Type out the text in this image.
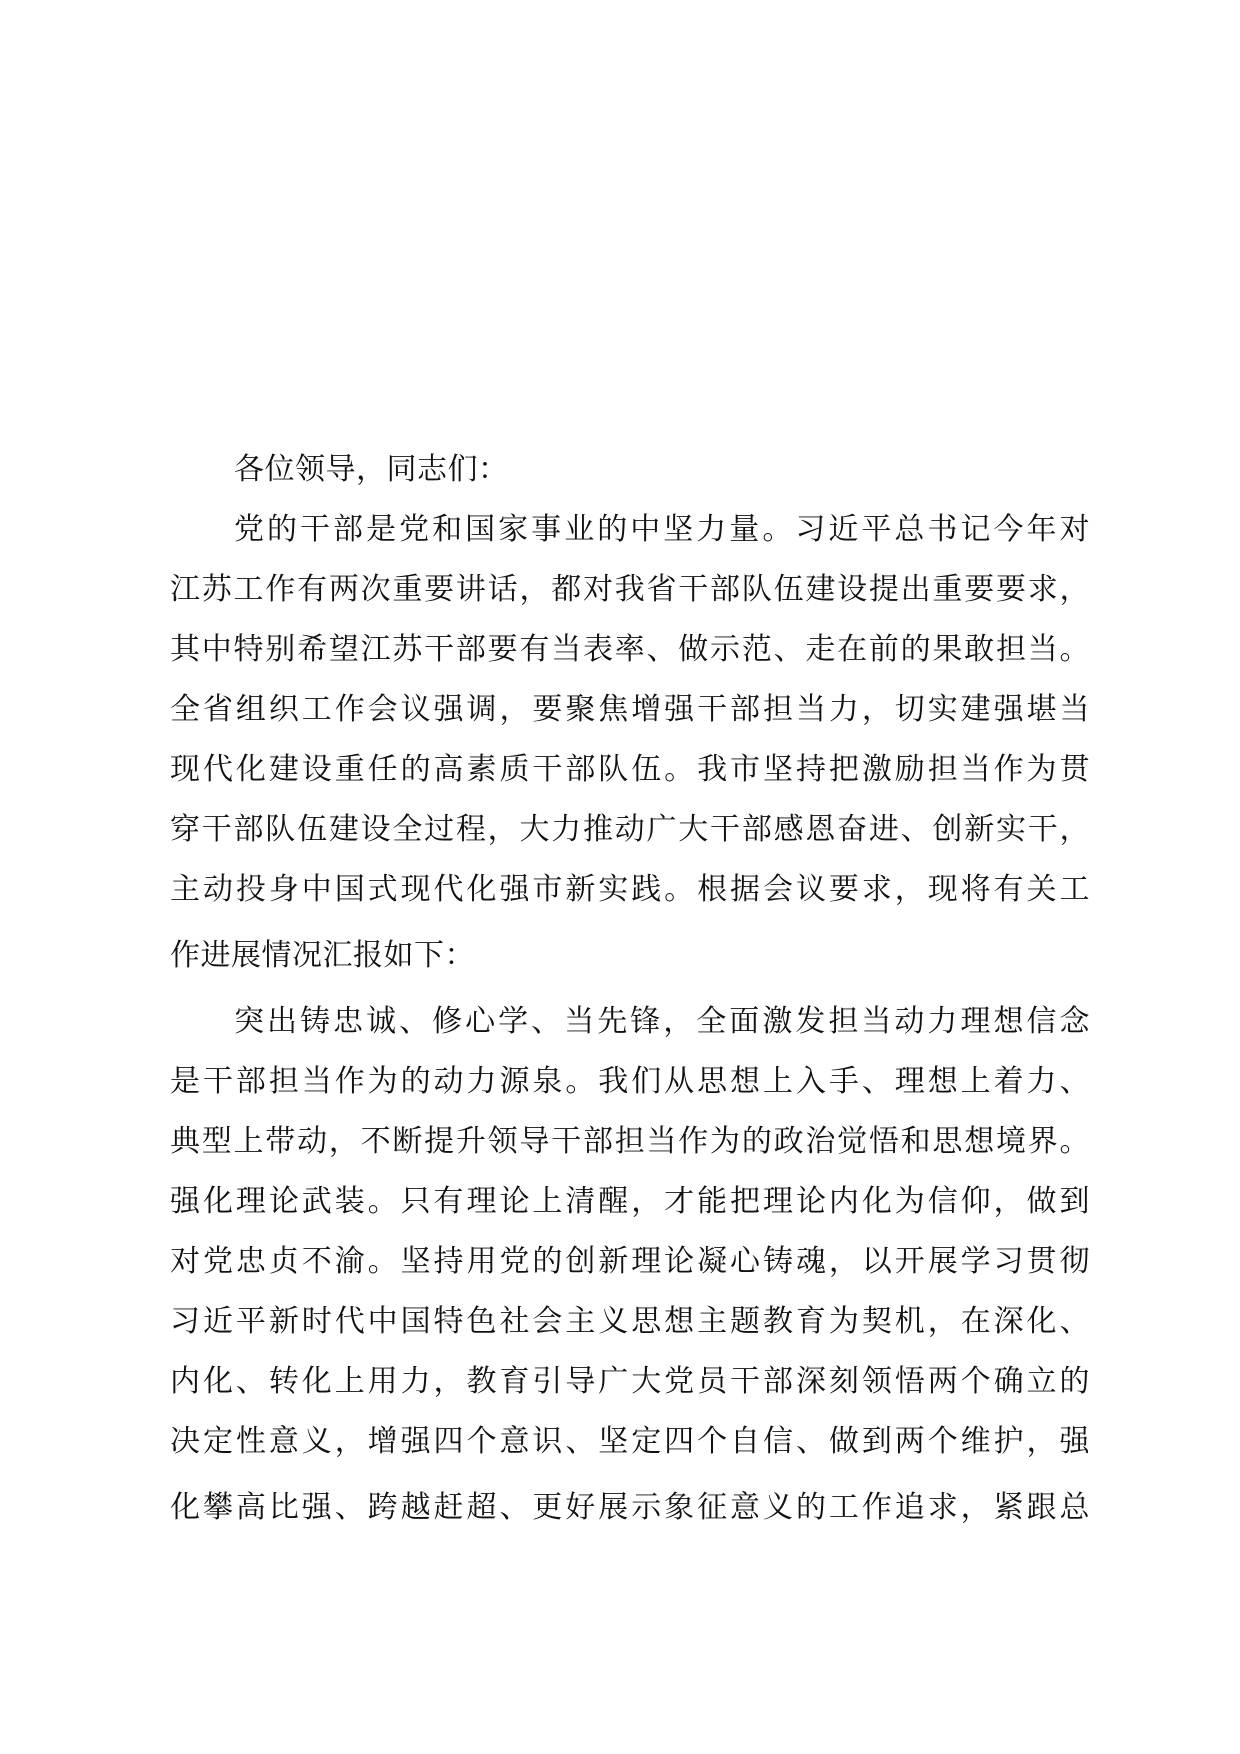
各位领导，同志们：
党的干部是党和国家事业的中坚力量。习近平总书记今年对
江苏工作有两次重要讲话，都对我省干部队伍建设提出重要要求，
其中特别希望江苏干部要有当表率、做示范、走在前的果敢担当。
全省组织工作会议强调，要聚焦增强干部担当力，切实建强堪当
现代化建设重任的高素质干部队伍。我市坚持把激励担当作为贯
穿干部队伍建设全过程，大力推动广大干部感恩奋进、创新实干，
主动投身中国式现代化强市新实践。根据会议要求，现将有关工
作进展情况汇报如下：
突出铸忠诚、修心学、当先锋，全面激发担当动力理想信念
是干部担当作为的动力源泉。我们从思想上入手、理想上着力、
典型上带动，不断提升领导干部担当作为的政治觉悟和思想境界。
强化理论武装。只有理论上清醒，才能把理论内化为信仰，做到
对党忠贞不渝。坚持用党的创新理论凝心铸魂，以开展学习贯彻
习近平新时代中国特色社会主义思想主题教育为契机，在深化、
内化、转化上用力，教育引导广大党员干部深刻领悟两个确立的
决定性意义，增强四个意识、坚定四个自信、做到两个维护，强
化攀高比强、跨越赶超、更好展示象征意义的工作追求，紧跟总
